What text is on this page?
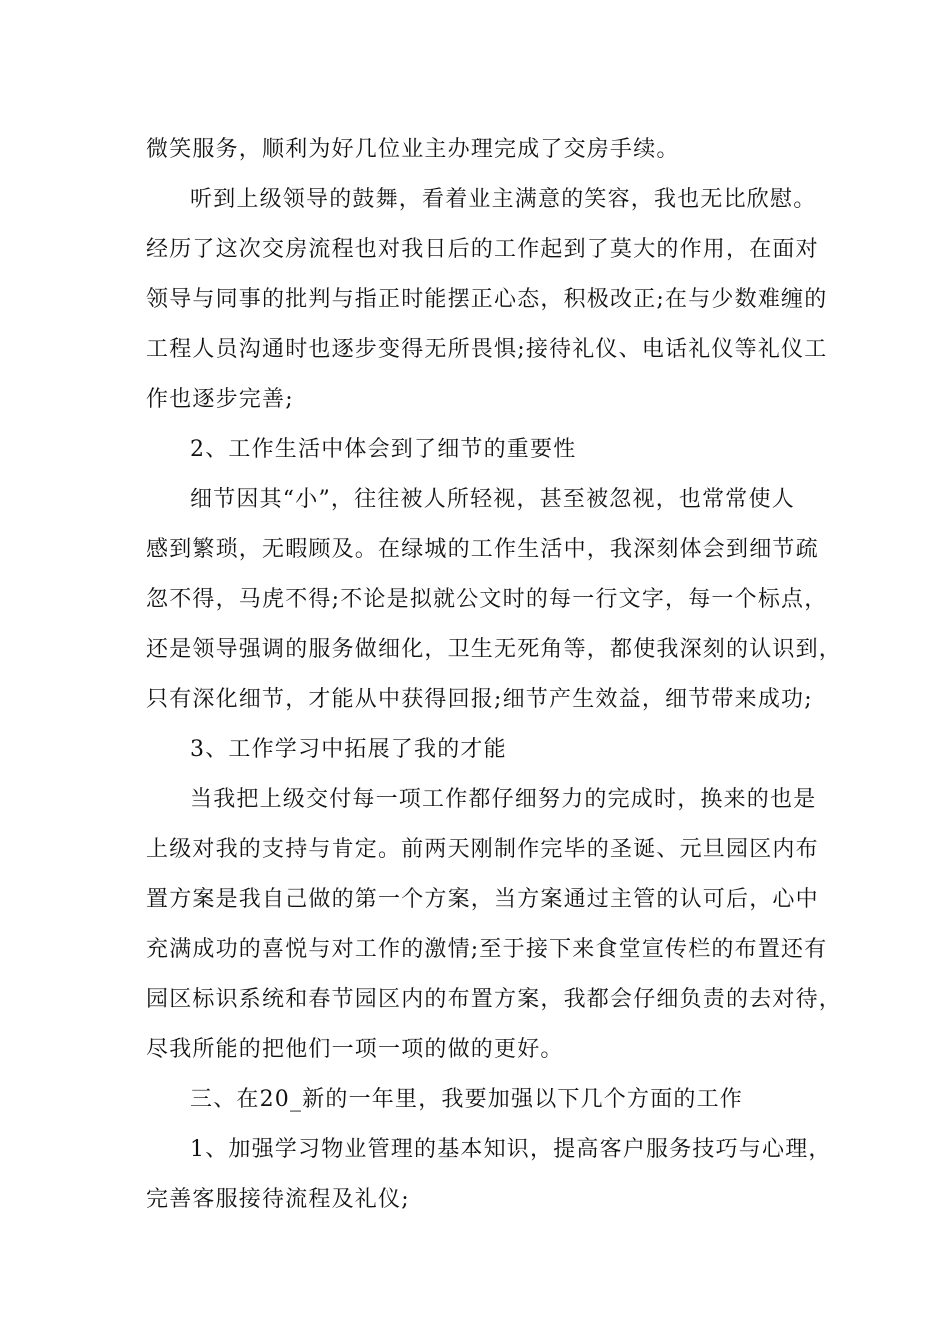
微笑服务，顺利为好几位业主办理完成了交房手续。
听到上级领导的鼓舞，看着业主满意的笑容，我也无比欣慰。
经历了这次交房流程也对我日后的工作起到了莫大的作用，在面对
领导与同事的批判与指正时能摆正心态，积极改正;在与少数难缠的
工程人员沟通时也逐步变得无所畏惧;接待礼仪、电话礼仪等礼仪工
作也逐步完善;
2、工作生活中体会到了细节的重要性
细节因其“小”，往往被人所轻视，甚至被忽视，也常常使人
感到繁琐，无暇顾及。在绿城的工作生活中，我深刻体会到细节疏
忽不得，马虎不得;不论是拟就公文时的每一行文字，每一个标点，
还是领导强调的服务做细化，卫生无死角等，都使我深刻的认识到，
只有深化细节，才能从中获得回报;细节产生效益，细节带来成功;
3、工作学习中拓展了我的才能
当我把上级交付每一项工作都仔细努力的完成时，换来的也是
上级对我的支持与肯定。前两天刚制作完毕的圣诞、元旦园区内布
置方案是我自己做的第一个方案，当方案通过主管的认可后，心中
充满成功的喜悦与对工作的激情;至于接下来食堂宣传栏的布置还有
园区标识系统和春节园区内的布置方案，我都会仔细负责的去对待，
尽我所能的把他们一项一项的做的更好。
三、在20_新的一年里，我要加强以下几个方面的工作
1、加强学习物业管理的基本知识，提高客户服务技巧与心理，
完善客服接待流程及礼仪;
